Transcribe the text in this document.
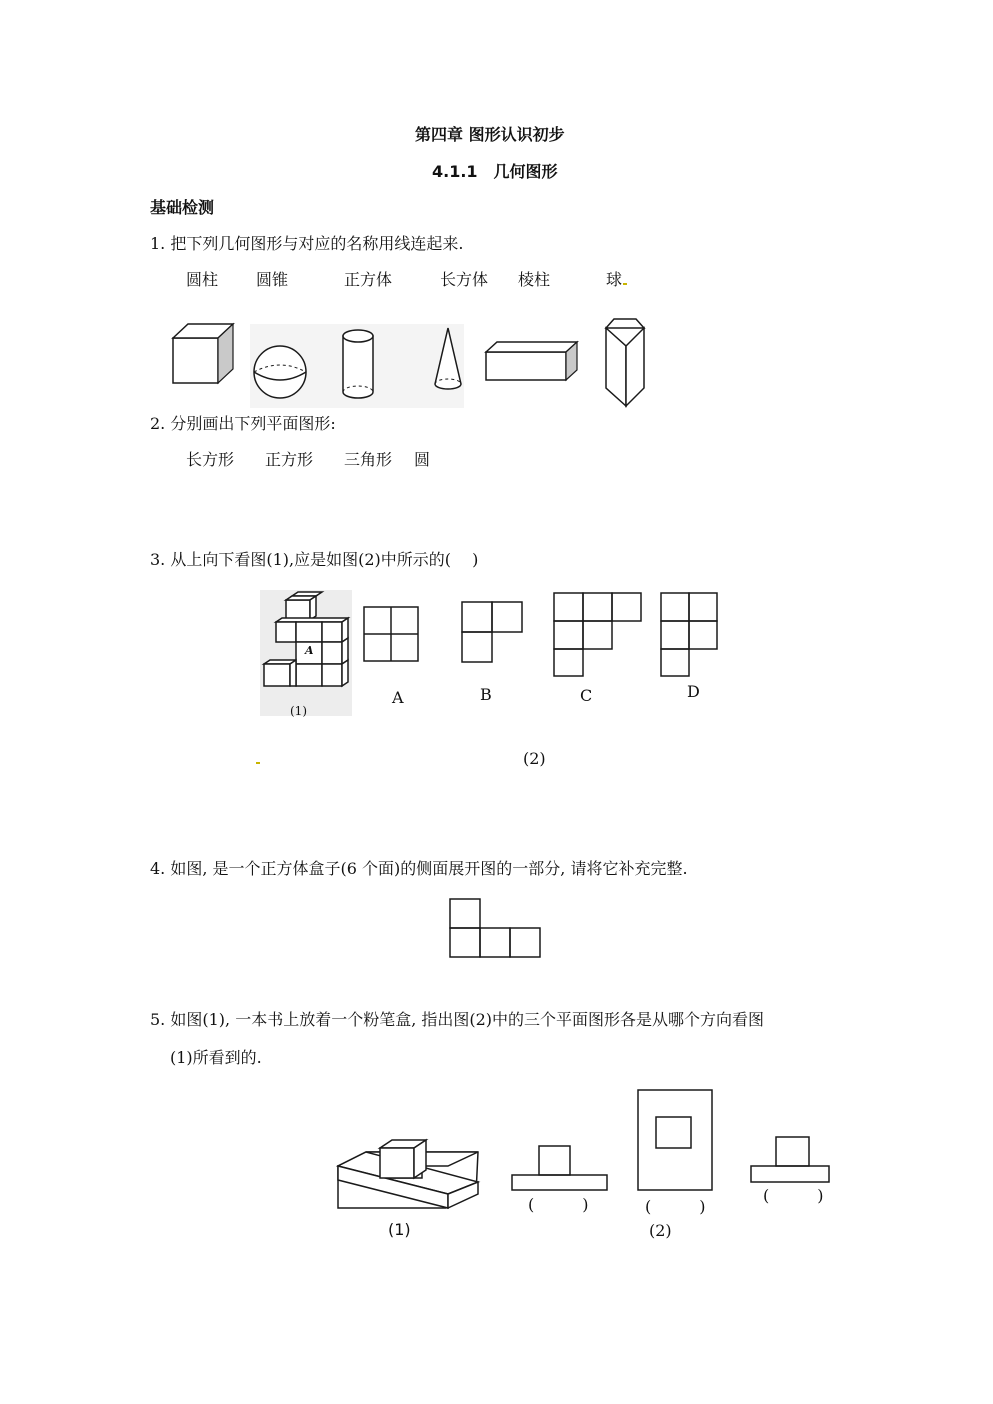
第四章 图形认识初步
4.1.1　几何图形
基础检测
1. 把下列几何图形与对应的名称用线连起来.
圆柱 圆锥	正方体	长方体 棱柱	球
2. 分别画出下列平面图形:
长方形 正方形 三角形 圆
3. 从上向下看图(1),应是如图(2)中所示的(　 )
A
(1)
A	B	C	D
(2)
4. 如图, 是一个正方体盒子(6 个面)的侧面展开图的一部分, 请将它补充完整.
5. 如图(1), 一本书上放着一个粉笔盒, 指出图(2)中的三个平面图形各是从哪个方向看图
(1)所看到的.
(1)
(　　　)	(　　　)
(2)
(　　　)
